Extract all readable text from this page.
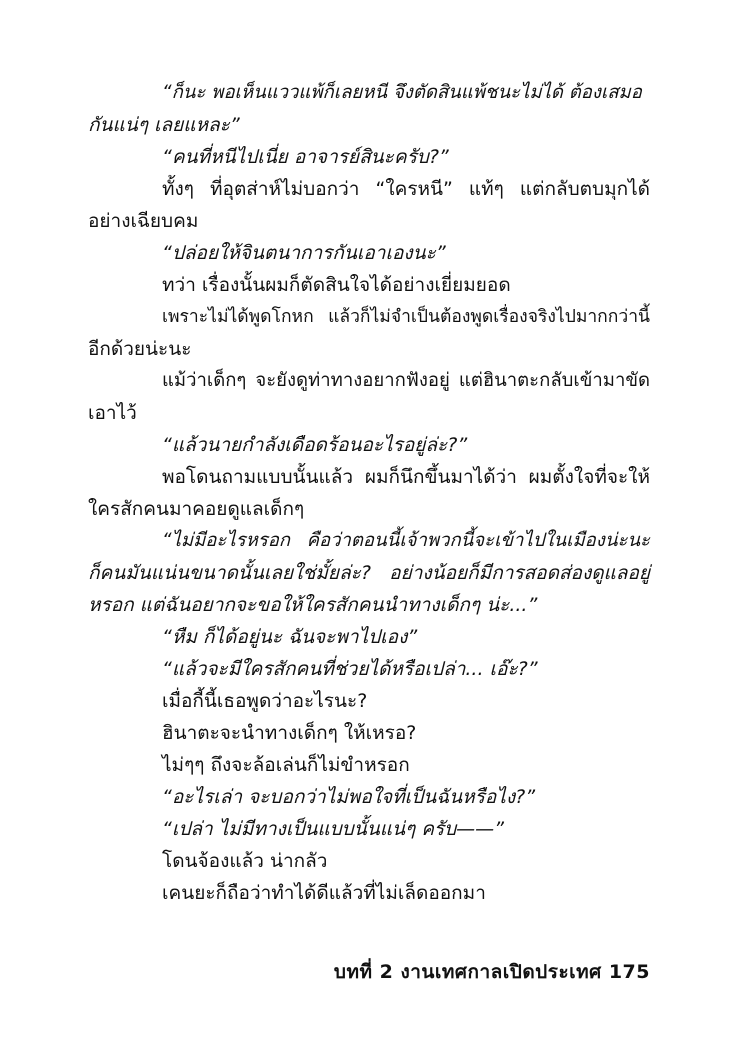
“ก็นะ พอเห็นแววแพ้ก็เลยหนี จึงตัดสินแพ้ชนะไม่ได้ ต้องเสมอ
กันแน่ๆ เลยแหละ”
“คนที่หนีไปเนี่ย อาจารย์สินะครับ?”
ทั้งๆ ที่อุตส่าห์ไม่บอกว่า “ใครหนี” แท้ๆ แต่กลับตบมุกได้
อย่างเฉียบคม
“ปล่อยให้จินตนาการกันเอาเองนะ”
ทว่า เรื่องนั้นผมก็ตัดสินใจได้อย่างเยี่ยมยอด
เพราะไม่ได้พูดโกหก แล้วก็ไม่จำเป็นต้องพูดเรื่องจริงไปมากกว่านี้
อีกด้วยน่ะนะ
แม้ว่าเด็กๆ จะยังดูท่าทางอยากฟังอยู่ แต่ฮินาตะกลับเข้ามาขัด
เอาไว้
“แล้วนายกำลังเดือดร้อนอะไรอยู่ล่ะ?”
พอโดนถามแบบนั้นแล้ว ผมก็นึกขึ้นมาได้ว่า ผมตั้งใจที่จะให้
ใครสักคนมาคอยดูแลเด็กๆ
“ไม่มีอะไรหรอก คือว่าตอนนี้เจ้าพวกนี้จะเข้าไปในเมืองน่ะนะ
ก็คนมันแน่นขนาดนั้นเลยใช่มั้ยล่ะ? อย่างน้อยก็มีการสอดส่องดูแลอยู่
หรอก แต่ฉันอยากจะขอให้ใครสักคนนำทางเด็กๆ น่ะ...”
“หืม ก็ได้อยู่นะ ฉันจะพาไปเอง”
“แล้วจะมีใครสักคนที่ช่วยได้หรือเปล่า... เอ๊ะ?”
เมื่อกี้นี้เธอพูดว่าอะไรนะ?
ฮินาตะจะนำทางเด็กๆ ให้เหรอ?
ไม่ๆๆ ถึงจะล้อเล่นก็ไม่ขำหรอก
“อะไรเล่า จะบอกว่าไม่พอใจที่เป็นฉันหรือไง?”
“เปล่า ไม่มีทางเป็นแบบนั้นแน่ๆ ครับ——”
โดนจ้องแล้ว น่ากลัว
เคนยะก็ถือว่าทำได้ดีแล้วที่ไม่เล็ดออกมา
บทที่ 2 งานเทศกาลเปิดประเทศ 175
